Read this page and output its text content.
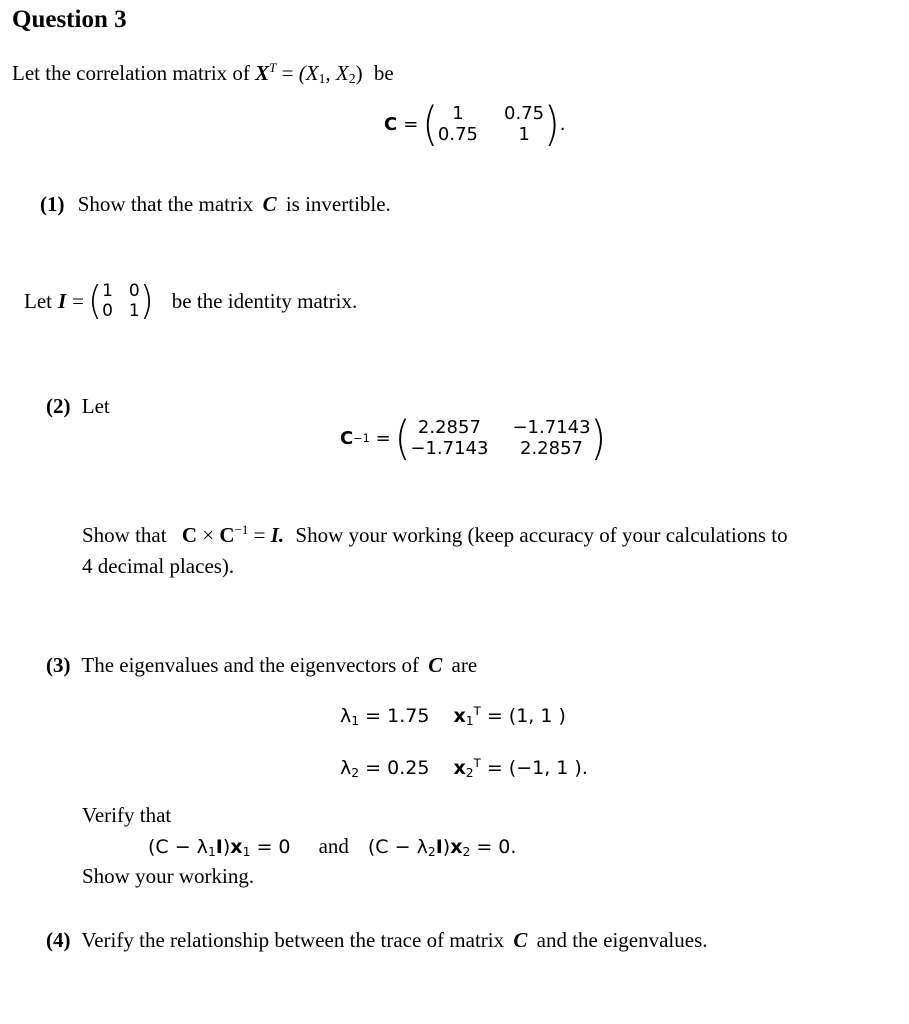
Question 3
Let the correlation matrix of $X^T = (X_1$, $X_2$) be
C = ( 1	0.75
0.75	1 ) .
(1) Show that the matrix C is invertible.
Let I = ( 1 0
0 1 ) be the identity matrix.
(2) Let
C −1 = ( 2.2857	−1.7143
−1.7143	2.2857 )
Show that $C \times C^{-1} = I$. Show your working (keep accuracy of your calculations to
4 decimal places).
(3) The eigenvalues and the eigenvectors of C are
$\lambda_1 = 1.75$ $x_1^T = (1$, 1 )
$\lambda_2 = 0.25$ $x_2^T = (-1$, 1 ).
Verify that
$(C - \lambda_1I)x_1 = 0$ and $(C - \lambda_2I)x_2 = 0$.
Show your working.
(4) Verify the relationship between the trace of matrix C and the eigenvalues.
